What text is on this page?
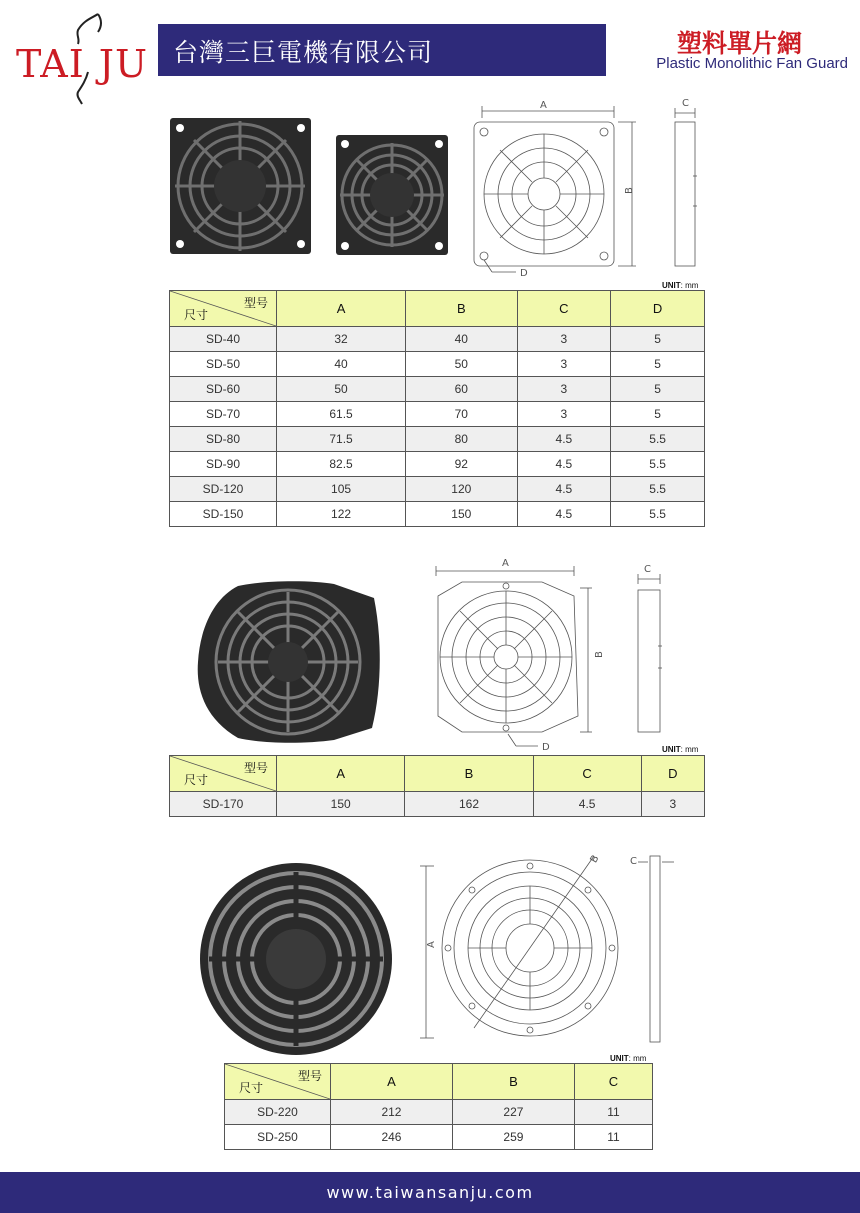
TAI JU 台灣三巨電機有限公司	塑料單片網
Plastic Monolithic Fan Guard
A
B
C
D
UNIT: mm
型号
尺寸	A	B	C	D
SD-40	32	40	3	5
SD-50	40	50	3	5
SD-60	50	60	3	5
SD-70	61.5	70	3	5
SD-80	71.5	80	4.5	5.5
SD-90	82.5	92	4.5	5.5
SD-120	105	120	4.5	5.5
SD-150	122	150	4.5	5.5
A
B
C
D	UNIT: mm
型号
尺寸	A	B	C	D
SD-170	150	162	4.5	3
A
B	C
UNIT: mm
型号
尺寸	A	B	C
SD-220	212	227	11
SD-250	246	259	11
www.taiwansanju.com
